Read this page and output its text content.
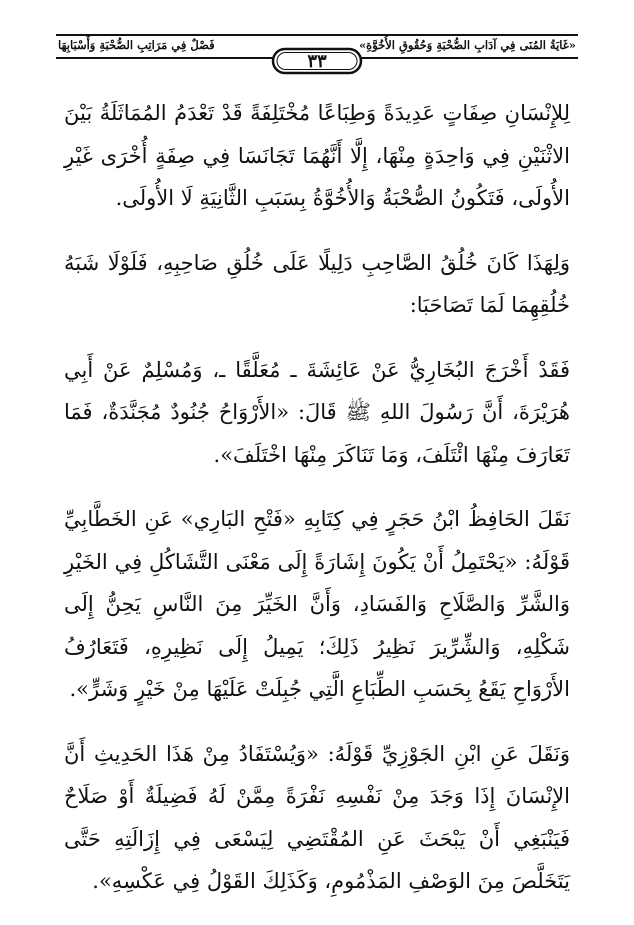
«غَايَةُ المُنَى فِي آدَابِ الصُّحْبَةِ وَحُقُوقِ الأُخُوَّةِ»
فَصْلٌ فِي مَرَاتِبِ الصُّحْبَةِ وَأَسْبَابِهَا
٣٣

لِلإِنْسَانِ صِفَاتٍ عَدِيدَةً وَطِبَاعًا مُخْتَلِفَةً قَدْ تَعْدَمُ المُمَاثَلَةُ بَيْنَ الاثْنَيْنِ فِي وَاحِدَةٍ مِنْهَا، إِلَّا أَنَّهُمَا تَجَانَسَا فِي صِفَةٍ أُخْرَى غَيْرِ الأُولَى، فَتَكُونُ الصُّحْبَةُ وَالأُخُوَّةُ بِسَبَبِ الثَّانِيَةِ لَا الأُولَى.

وَلِهَذَا كَانَ خُلُقُ الصَّاحِبِ دَلِيلًا عَلَى خُلُقِ صَاحِبِهِ، فَلَوْلَا شَبَهُ خُلُقِهِمَا لَمَا تَصَاحَبَا:

فَقَدْ أَخْرَجَ البُخَارِيُّ عَنْ عَائِشَةَ ـ مُعَلَّقًا ـ، وَمُسْلِمٌ عَنْ أَبِي هُرَيْرَةَ، أَنَّ رَسُولَ اللهِ ﷺ قَالَ: «الأَرْوَاحُ جُنُودٌ مُجَنَّدَةٌ، فَمَا تَعَارَفَ مِنْهَا ائْتَلَفَ، وَمَا تَنَاكَرَ مِنْهَا اخْتَلَفَ».

نَقَلَ الحَافِظُ ابْنُ حَجَرٍ فِي كِتَابِهِ «فَتْحِ البَارِي» عَنِ الخَطَّابِيِّ قَوْلَهُ: «يَحْتَمِلُ أَنْ يَكُونَ إِشَارَةً إِلَى مَعْنَى التَّشَاكُلِ فِي الخَيْرِ وَالشَّرِّ وَالصَّلَاحِ وَالفَسَادِ، وَأَنَّ الخَيِّرَ مِنَ النَّاسِ يَحِنُّ إِلَى شَكْلِهِ، وَالشِّرِّيرَ نَظِيرُ ذَلِكَ؛ يَمِيلُ إِلَى نَظِيرِهِ، فَتَعَارُفُ الأَرْوَاحِ يَقَعُ بِحَسَبِ الطِّبَاعِ الَّتِي جُبِلَتْ عَلَيْهَا مِنْ خَيْرٍ وَشَرٍّ».

وَنَقَلَ عَنِ ابْنِ الجَوْزِيِّ قَوْلَهُ: «وَيُسْتَفَادُ مِنْ هَذَا الحَدِيثِ أَنَّ الإِنْسَانَ إِذَا وَجَدَ مِنْ نَفْسِهِ نَفْرَةً مِمَّنْ لَهُ فَضِيلَةٌ أَوْ صَلَاحٌ فَيَنْبَغِي أَنْ يَبْحَثَ عَنِ المُقْتَضِي لِيَسْعَى فِي إِزَالَتِهِ حَتَّى يَتَخَلَّصَ مِنَ الوَصْفِ المَذْمُومِ، وَكَذَلِكَ القَوْلُ فِي عَكْسِهِ».
